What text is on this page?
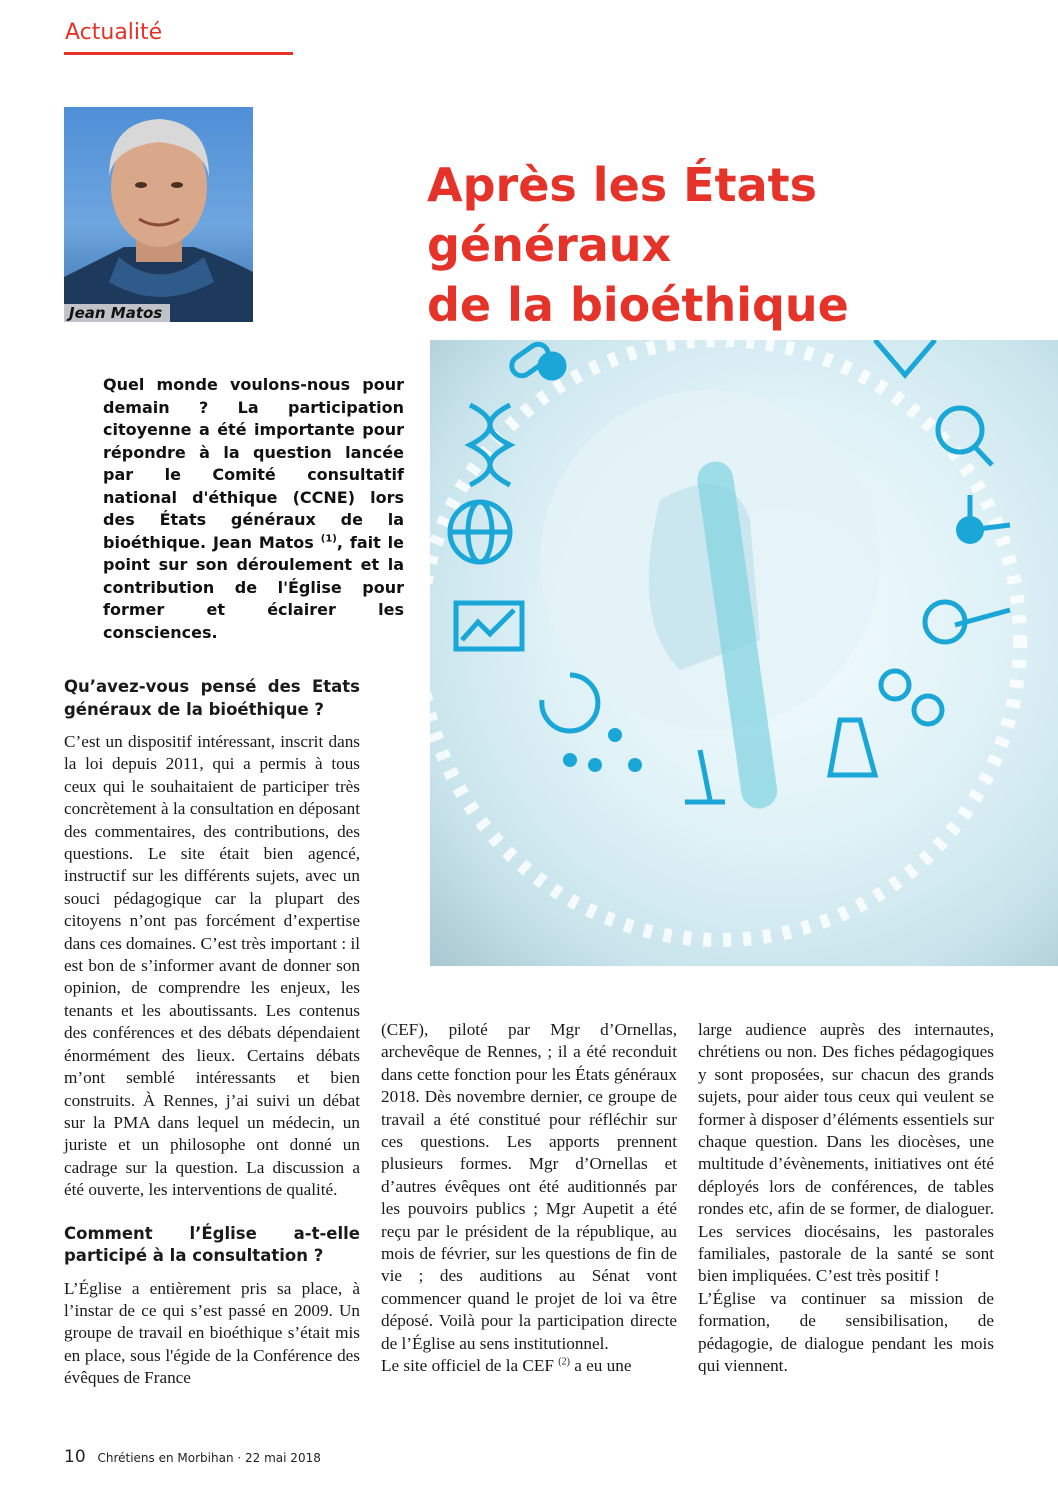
Actualité
Jean Matos
Après les États généraux
de la bioéthique
Quel monde voulons-nous pour demain ? La participation citoyenne a été importante pour répondre à la question lancée par le Comité consultatif national d'éthique (CCNE) lors des États généraux de la bioéthique. Jean Matos $^{(1)}$, fait le point sur son déroulement et la contribution de l'Église pour former et éclairer les consciences.
Qu’avez-vous pensé des Etats généraux de la bioéthique ?

C’est un dispositif intéressant, inscrit dans la loi depuis 2011, qui a permis à tous ceux qui le souhaitaient de participer très concrètement à la consultation en déposant des commentaires, des contributions, des questions. Le site était bien agencé, instructif sur les différents sujets, avec un souci pédagogique car la plupart des citoyens n’ont pas forcément d’expertise dans ces domaines. C’est très important : il est bon de s’informer avant de donner son opinion, de comprendre les enjeux, les tenants et les aboutissants. Les contenus des conférences et des débats dépendaient énormément des lieux. Certains débats m’ont semblé intéressants et bien construits. À Rennes, j’ai suivi un débat sur la PMA dans lequel un médecin, un juriste et un philosophe ont donné un cadrage sur la question. La discussion a été ouverte, les interventions de qualité.

Comment l’Église a-t-elle participé à la consultation ?

L’Église a entièrement pris sa place, à l’instar de ce qui s’est passé en 2009. Un groupe de travail en bioéthique s’était mis en place, sous l'égide de la Conférence des évêques de France

(CEF), piloté par Mgr d’Ornellas, archevêque de Rennes, ; il a été reconduit dans cette fonction pour les États généraux 2018. Dès novembre dernier, ce groupe de travail a été constitué pour réfléchir sur ces questions. Les apports prennent plusieurs formes. Mgr d’Ornellas et d’autres évêques ont été auditionnés par les pouvoirs publics ; Mgr Aupetit a été reçu par le président de la république, au mois de février, sur les questions de fin de vie ; des auditions au Sénat vont commencer quand le projet de loi va être déposé. Voilà pour la participation directe de l’Église au sens institutionnel.

Le site officiel de la CEF $^{(2)}$ a eu une

large audience auprès des internautes, chrétiens ou non. Des fiches pédagogiques y sont proposées, sur chacun des grands sujets, pour aider tous ceux qui veulent se former à disposer d’éléments essentiels sur chaque question. Dans les diocèses, une multitude d’évènements, initiatives ont été déployés lors de conférences, de tables rondes etc, afin de se former, de dialoguer. Les services diocésains, les pastorales familiales, pastorale de la santé se sont bien impliquées. C’est très positif !

L’Église va continuer sa mission de formation, de sensibilisation, de pédagogie, de dialogue pendant les mois qui viennent.

10 Chrétiens en Morbihan · 22 mai 2018
